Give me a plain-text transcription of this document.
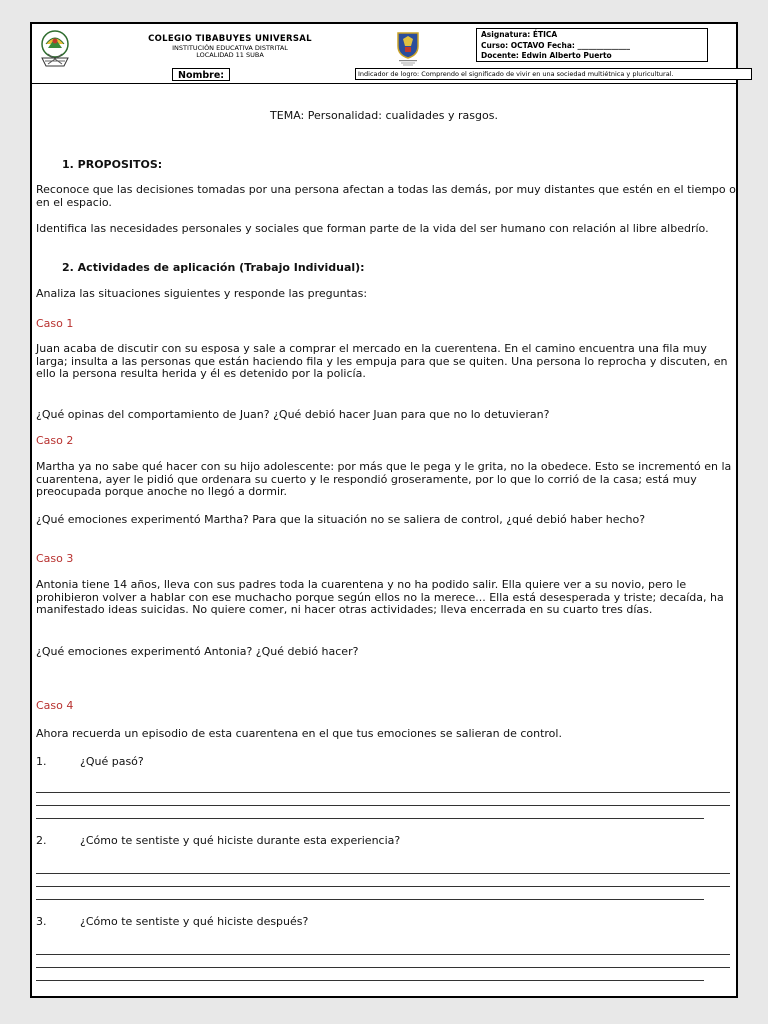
COLEGIO TIBABUYES UNIVERSAL
INSTITUCIÓN EDUCATIVA DISTRITAL
LOCALIDAD 11 SUBA
Asignatura: ÉTICA
Curso: OCTAVO Fecha: ______________
Docente: Edwin Alberto Puerto
Nombre:	Indicador de logro: Comprendo el significado de vivir en una sociedad multiétnica y pluricultural.
TEMA: Personalidad: cualidades y rasgos.
1. PROPOSITOS:
Reconoce que las decisiones tomadas por una persona afectan a todas las demás, por muy distantes que estén en el tiempo o en el espacio.
Identifica las necesidades personales y sociales que forman parte de la vida del ser humano con relación al libre albedrío.
2. Actividades de aplicación (Trabajo Individual):
Analiza las situaciones siguientes y responde las preguntas:
Caso 1
Juan acaba de discutir con su esposa y sale a comprar el mercado en la cuerentena. En el camino encuentra una fila muy larga; insulta a las personas que están haciendo fila y les empuja para que se quiten. Una persona lo reprocha y discuten, en ello la persona resulta herida y él es detenido por la policía.
¿Qué opinas del comportamiento de Juan? ¿Qué debió hacer Juan para que no lo detuvieran?
Caso 2
Martha ya no sabe qué hacer con su hijo adolescente: por más que le pega y le grita, no la obedece. Esto se incrementó en la cuarentena, ayer le pidió que ordenara su cuerto y le respondió groseramente, por lo que lo corrió de la casa; está muy preocupada porque anoche no llegó a dormir.
¿Qué emociones experimentó Martha? Para que la situación no se saliera de control, ¿qué debió haber hecho?
Caso 3
Antonia tiene 14 años, lleva con sus padres toda la cuarentena y no ha podido salir. Ella quiere ver a su novio, pero le prohibieron volver a hablar con ese muchacho porque según ellos no la merece... Ella está desesperada y triste; decaída, ha manifestado ideas suicidas. No quiere comer, ni hacer otras actividades; lleva encerrada en su cuarto tres días.
¿Qué emociones experimentó Antonia? ¿Qué debió hacer?
Caso 4
Ahora recuerda un episodio de esta cuarentena en el que tus emociones se salieran de control.
1.	¿Qué pasó?
2.	¿Cómo te sentiste y qué hiciste durante esta experiencia?
3.	¿Cómo te sentiste y qué hiciste después?
